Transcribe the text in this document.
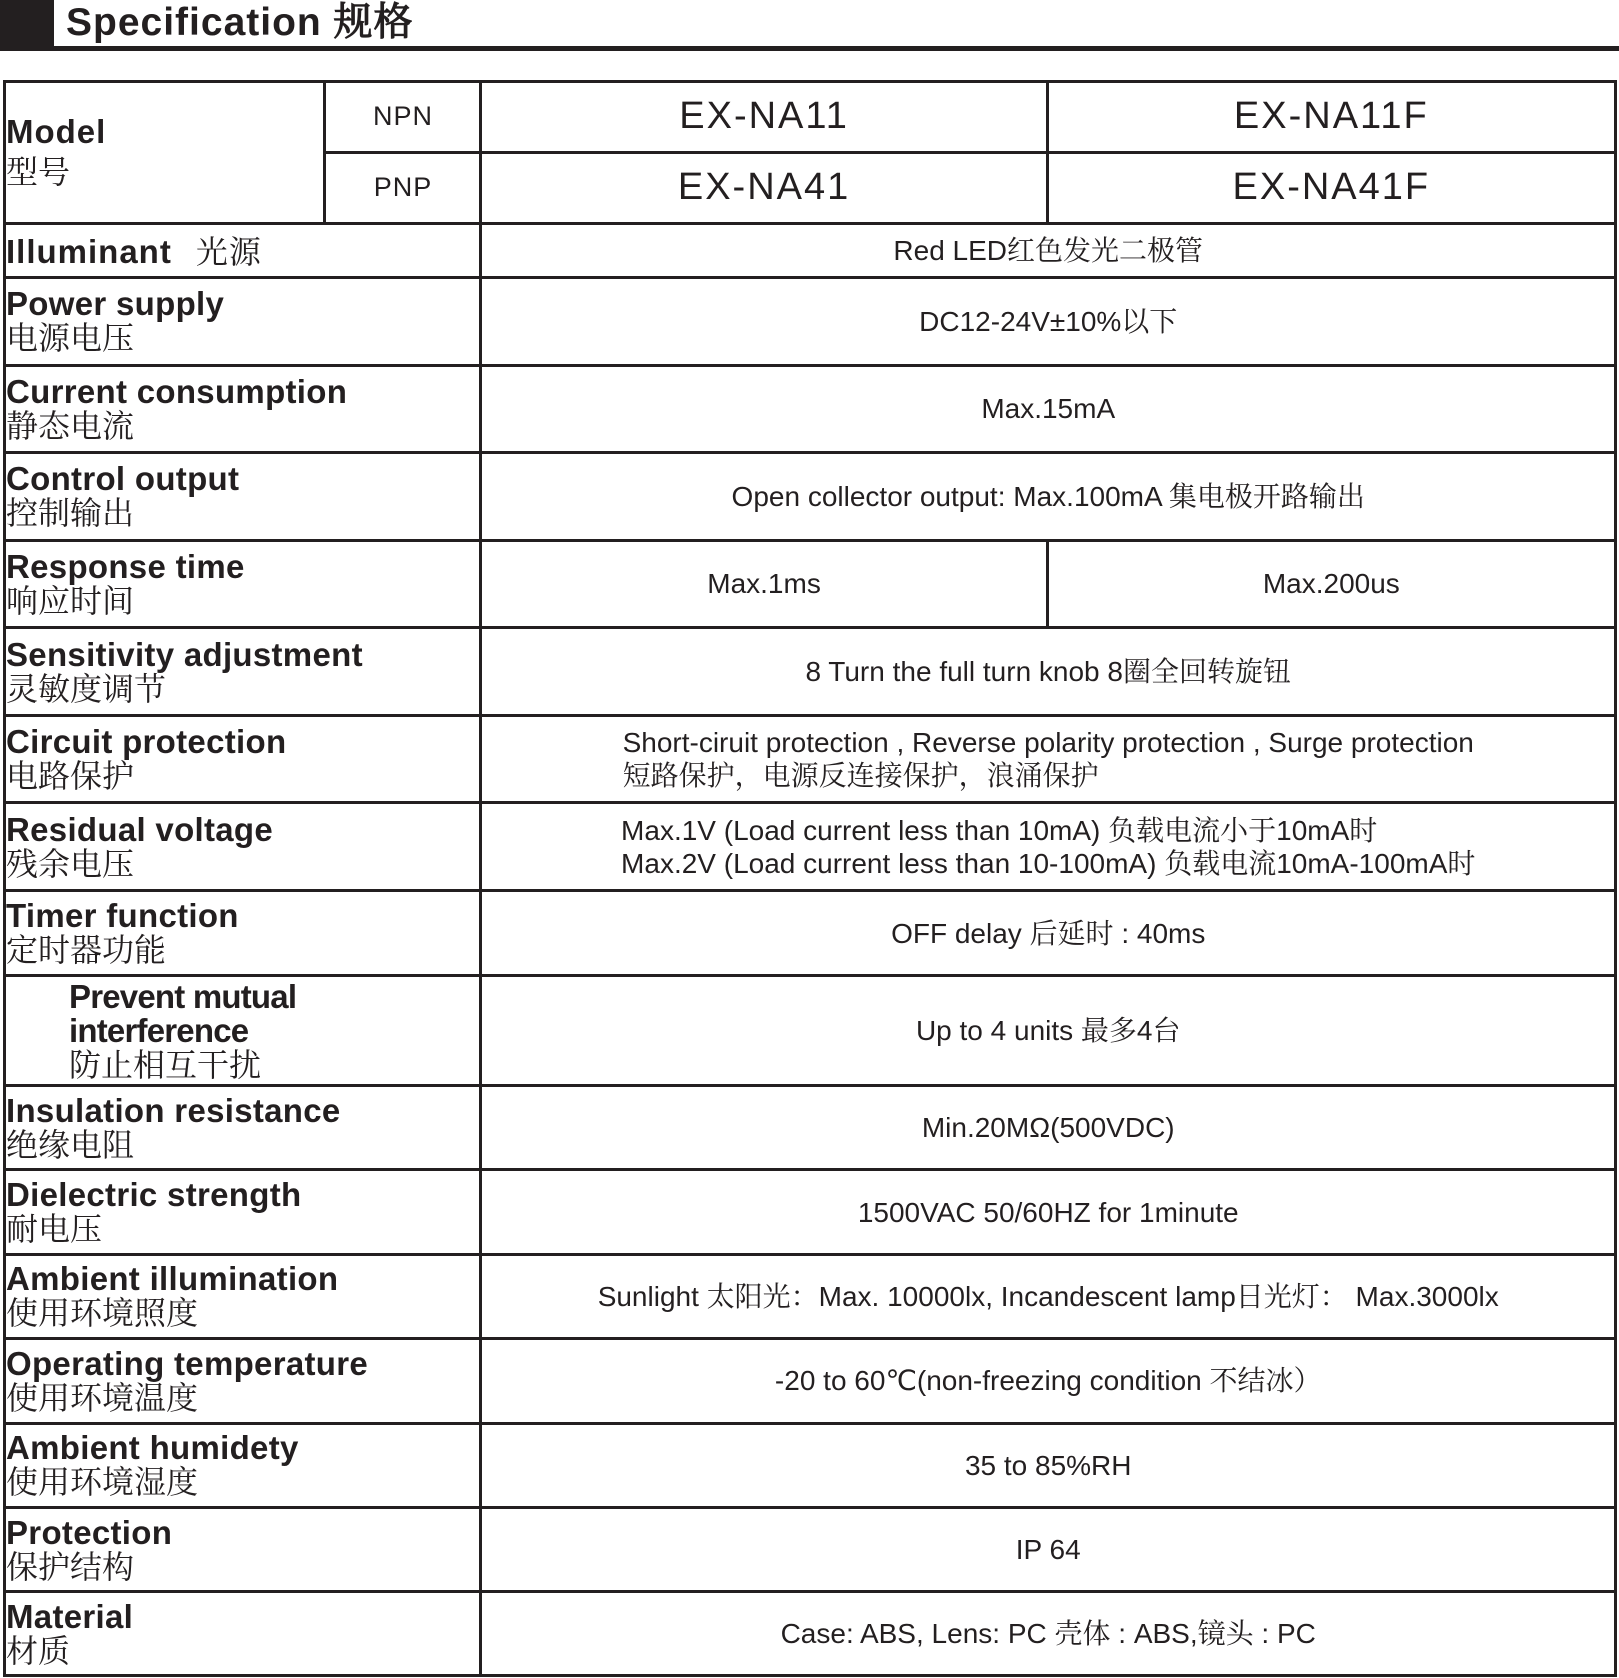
Specification 规格
Model
型号	NPN	EX-NA11	EX-NA11F
	PNP	EX-NA41	EX-NA41F
Illuminant 光源		Red LED红色发光二极管	

Power supply
电源电压		DC12-24V±10%以下	

Current consumption
静态电流		Max.15mA	

Control output
控制输出		Open collector output: Max.100mA 集电极开路输出	

Response time
响应时间		Max.1ms	Max.200us

Sensitivity adjustment
灵敏度调节		8 Turn the full turn knob 8圈全回转旋钮	

Circuit protection
电路保护		Short-ciruit protection , Reverse polarity protection , Surge protection
短路保护，电源反连接保护，浪涌保护	

Residual voltage
残余电压		Max.1V (Load current less than 10mA) 负载电流小于10mA时
Max.2V (Load current less than 10-100mA) 负载电流10mA-100mA时	

Timer function
定时器功能		OFF delay 后延时 : 40ms	

Prevent mutual interference
防止相互干扰		Up to 4 units 最多4台	

Insulation resistance
绝缘电阻		Min.20MΩ(500VDC)	

Dielectric strength
耐电压		1500VAC 50/60HZ for 1minute	

Ambient illumination
使用环境照度		Sunlight 太阳光：Max. 10000lx, Incandescent lamp日光灯： Max.3000lx	

Operating temperature
使用环境温度		-20 to 60℃(non-freezing condition 不结冰）	

Ambient humidety
使用环境湿度		35 to 85%RH	

Protection
保护结构		IP 64	

Material
材质		Case: ABS, Lens: PC 壳体 : ABS,镜头 : PC	
